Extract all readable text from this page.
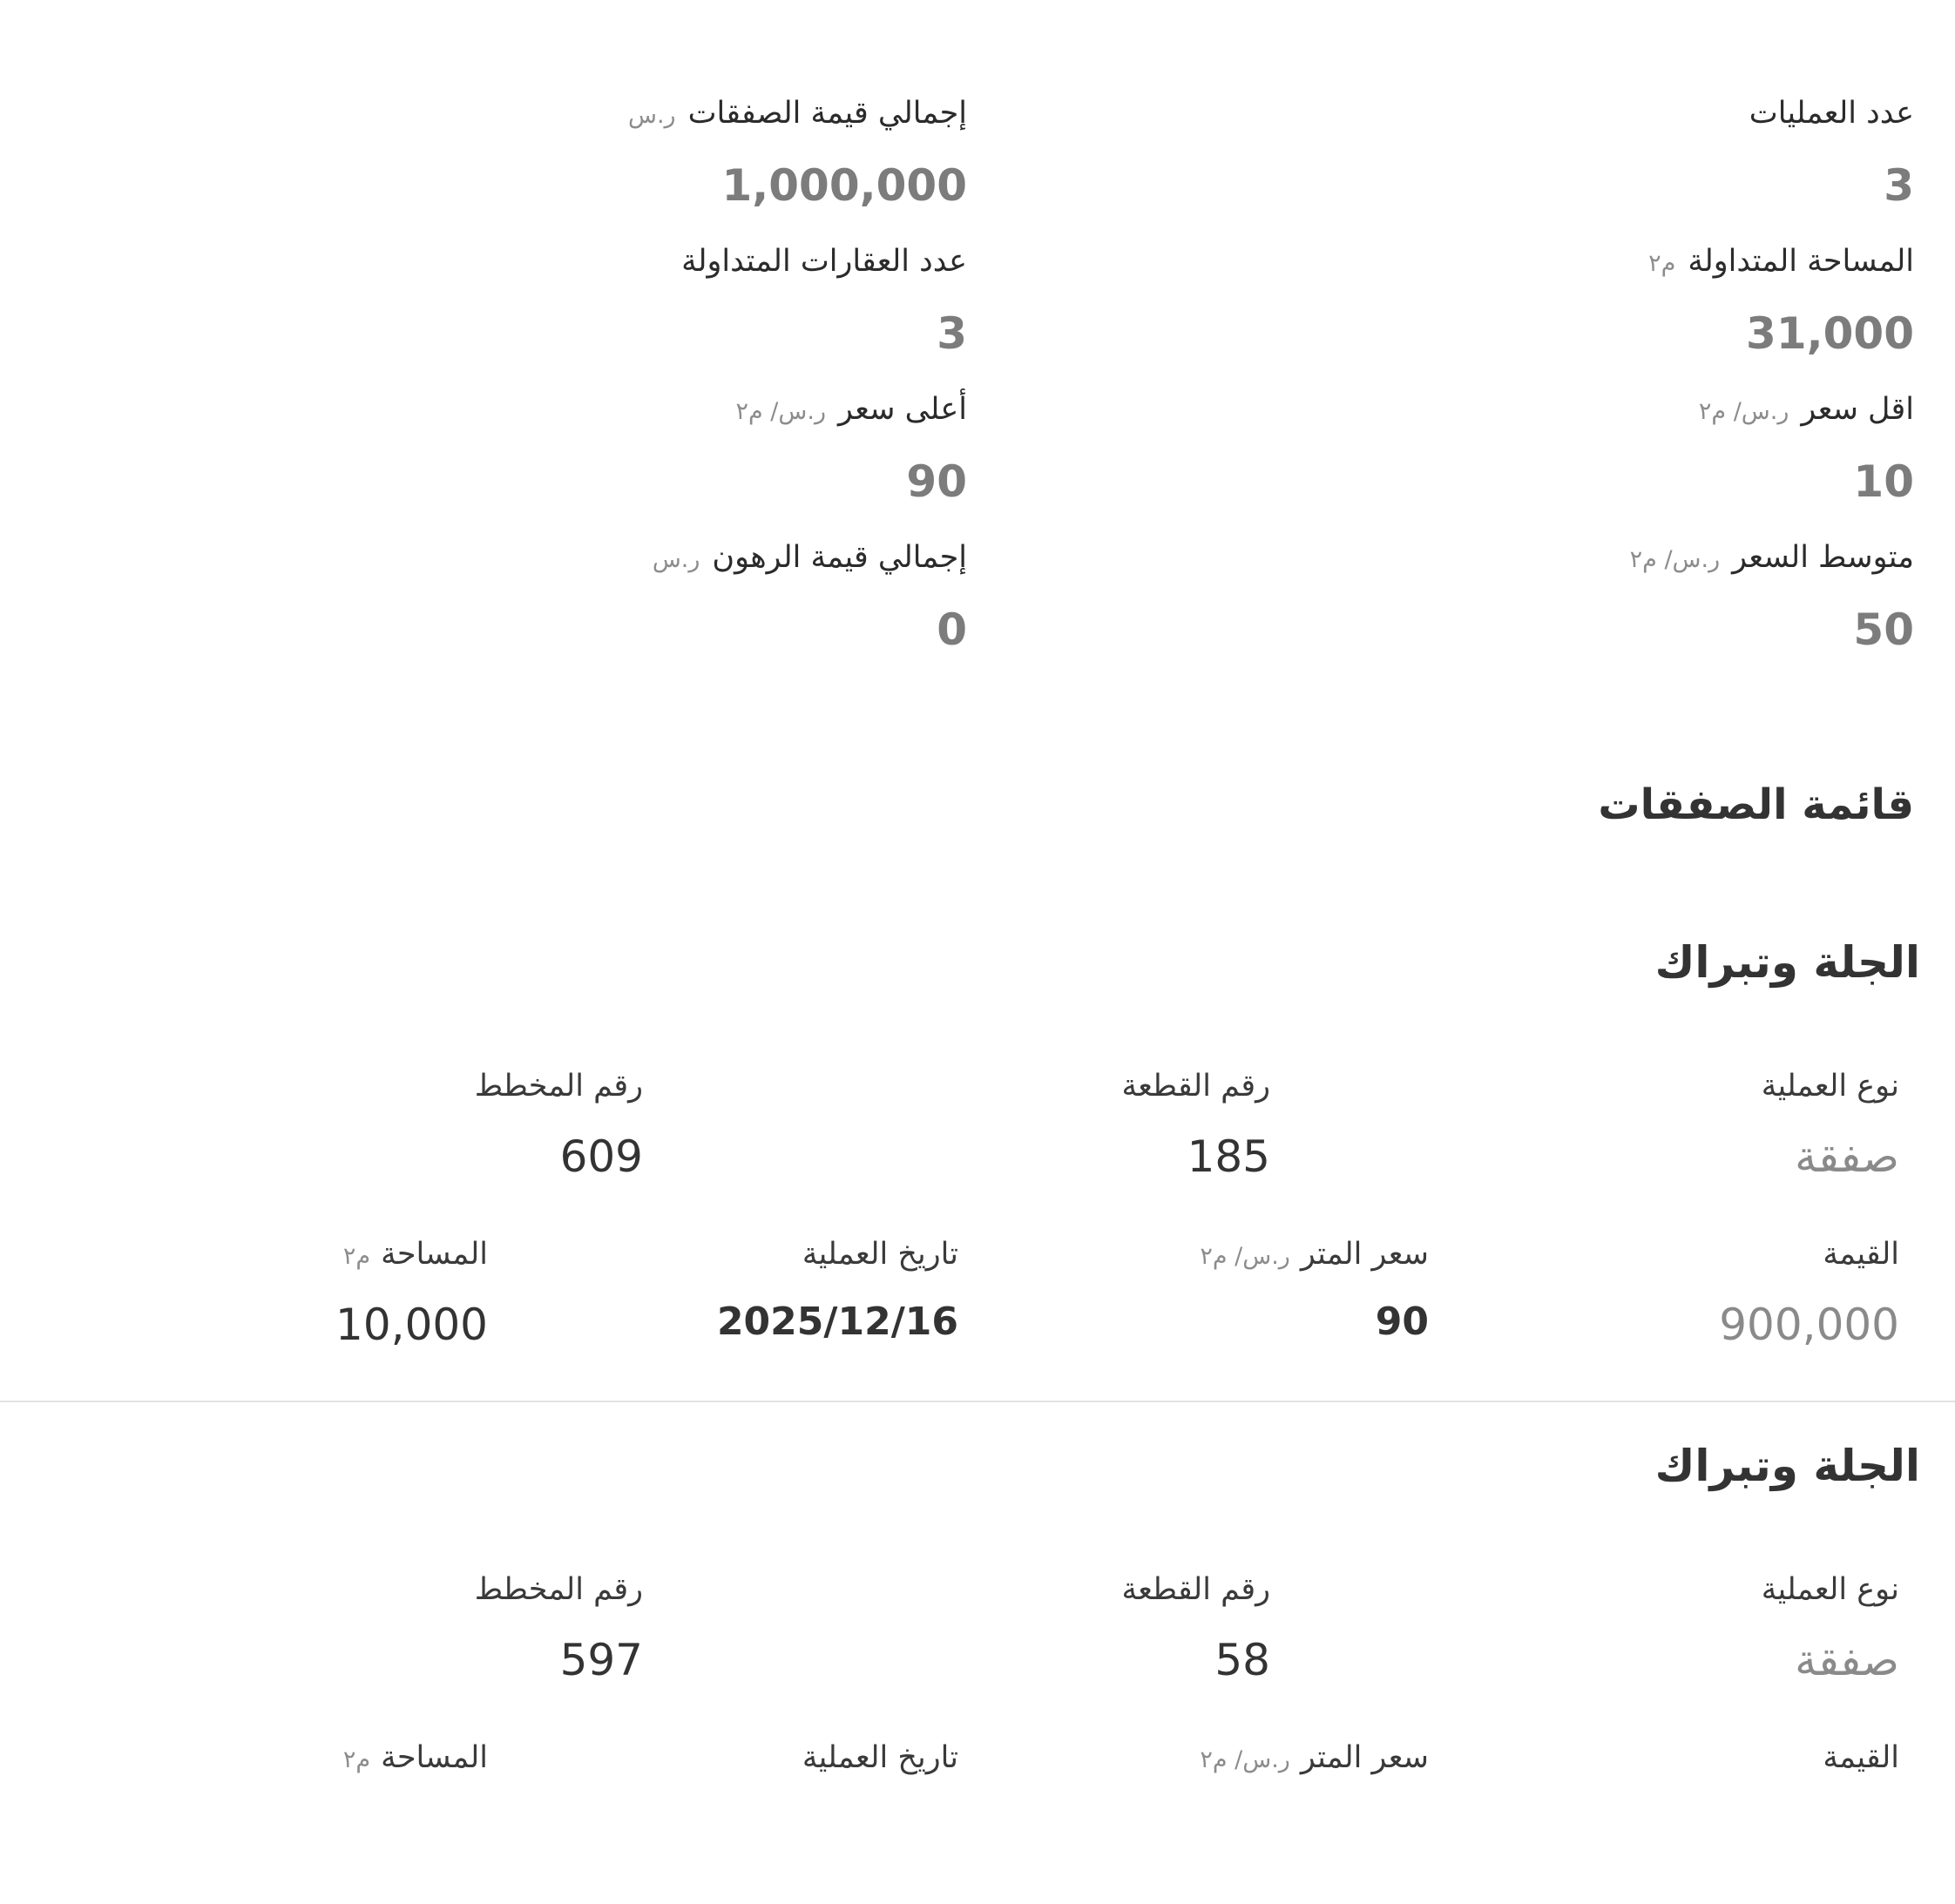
عدد العمليات
3
إجمالي قيمة الصفقات
ر.س
1,000,000
المساحة المتداولة
م٢
31,000
عدد العقارات المتداولة
3
اقل سعر
ر.س/ م٢
10
أعلى سعر
ر.س/ م٢
90
متوسط السعر
ر.س/ م٢
50
إجمالي قيمة الرهون
ر.س
0
قائمة الصفقات
الجلة وتبراك
نوع العملية
صفقة
رقم القطعة
185
رقم المخطط
609
القيمة
900,000
سعر المتر
ر.س/ م٢
90
تاريخ العملية
2025/12/16
المساحة
م٢
10,000
الجلة وتبراك
نوع العملية
صفقة
رقم القطعة
58
رقم المخطط
597
القيمة
سعر المتر
ر.س/ م٢
تاريخ العملية
المساحة
م٢
